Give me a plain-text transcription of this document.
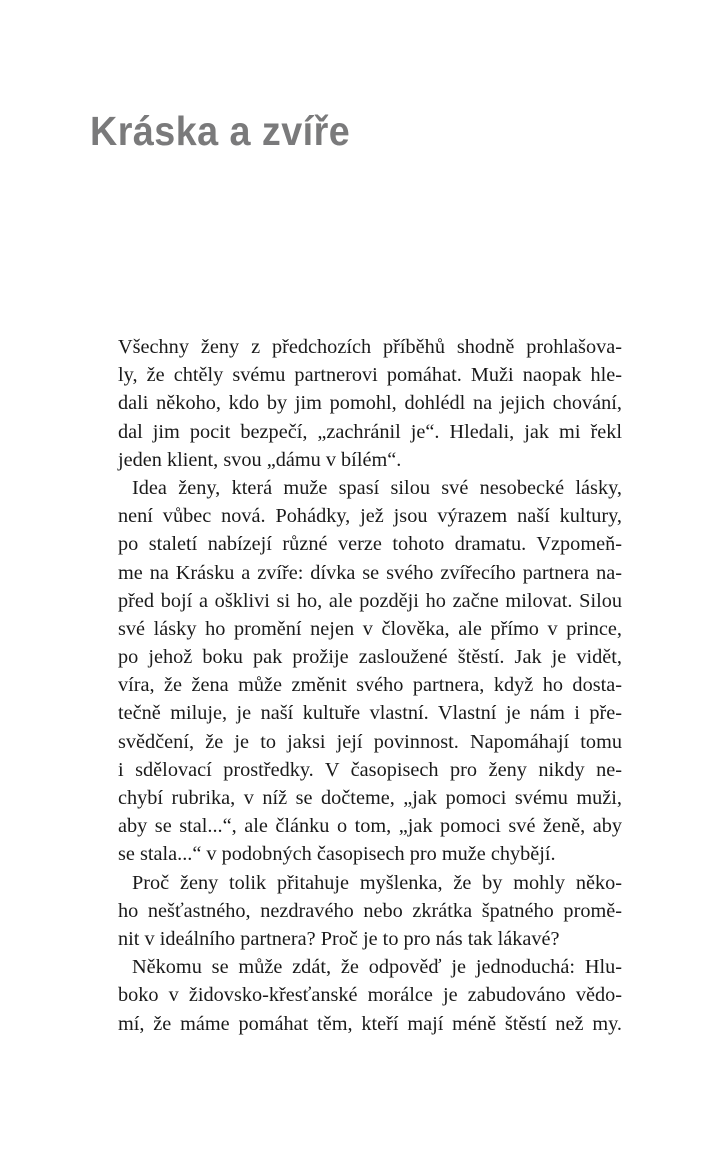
Kráska a zvíře
Všechny ženy z předchozích příběhů shodně prohlašova-
ly, že chtěly svému partnerovi pomáhat. Muži naopak hle-
dali někoho, kdo by jim pomohl, dohlédl na jejich chování,
dal jim pocit bezpečí, „zachránil je“. Hledali, jak mi řekl
jeden klient, svou „dámu v bílém“.
Idea ženy, která muže spasí silou své nesobecké lásky,
není vůbec nová. Pohádky, jež jsou výrazem naší kultury,
po staletí nabízejí různé verze tohoto dramatu. Vzpomeň-
me na Krásku a zvíře: dívka se svého zvířecího partnera na-
před bojí a ošklivi si ho, ale později ho začne milovat. Silou
své lásky ho promění nejen v člověka, ale přímo v prince,
po jehož boku pak prožije zasloužené štěstí. Jak je vidět,
víra, že žena může změnit svého partnera, když ho dosta-
tečně miluje, je naší kultuře vlastní. Vlastní je nám i pře-
svědčení, že je to jaksi její povinnost. Napomáhají tomu
i sdělovací prostředky. V časopisech pro ženy nikdy ne-
chybí rubrika, v níž se dočteme, „jak pomoci svému muži,
aby se stal...“, ale článku o tom, „jak pomoci své ženě, aby
se stala...“ v podobných časopisech pro muže chybějí.
Proč ženy tolik přitahuje myšlenka, že by mohly něko-
ho nešťastného, nezdravého nebo zkrátka špatného promě-
nit v ideálního partnera? Proč je to pro nás tak lákavé?
Někomu se může zdát, že odpověď je jednoduchá: Hlu-
boko v židovsko-křesťanské morálce je zabudováno vědo-
mí, že máme pomáhat těm, kteří mají méně štěstí než my.
